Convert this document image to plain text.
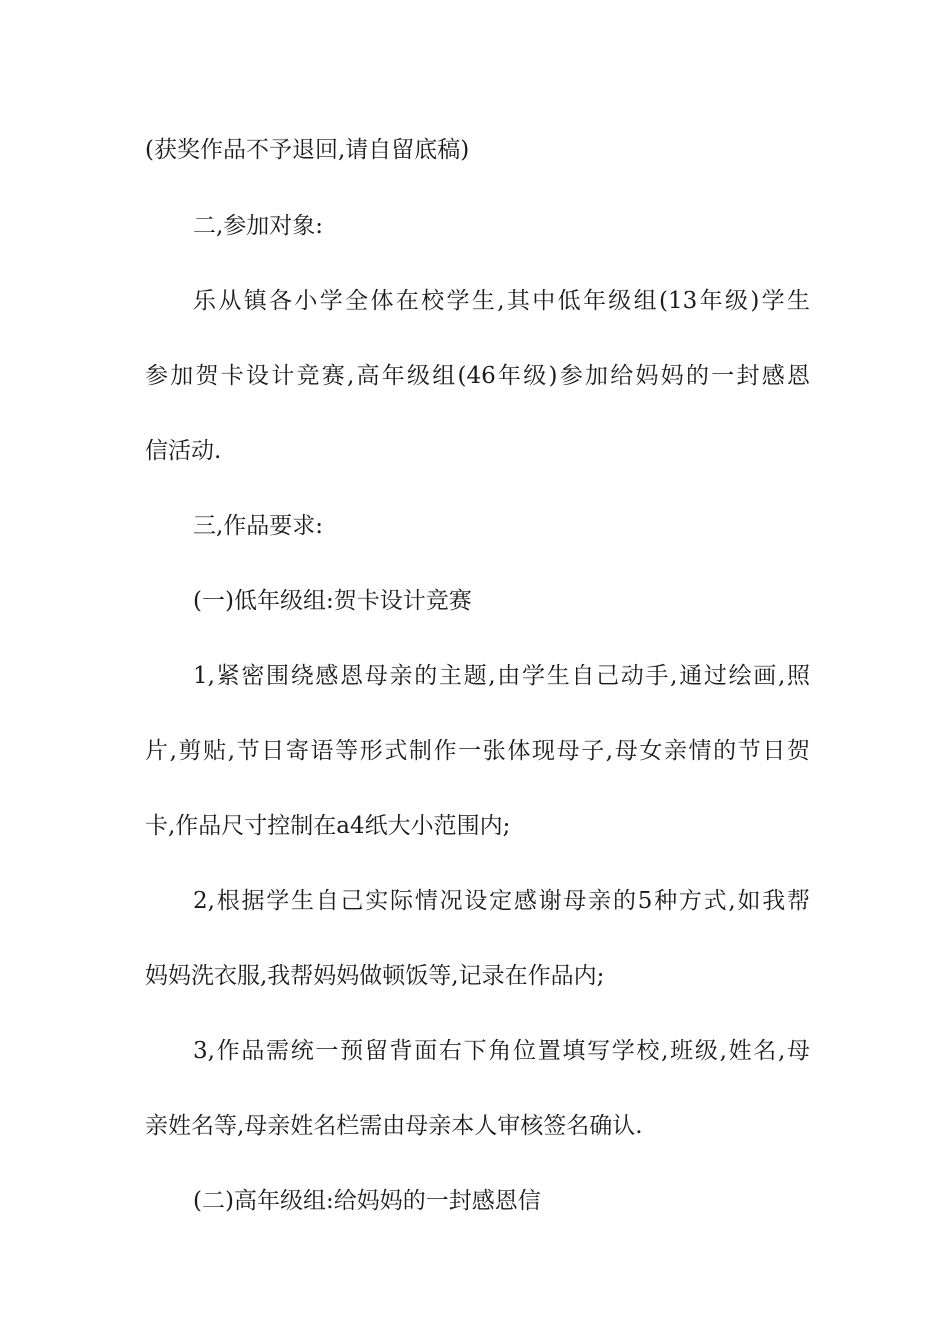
(获奖作品不予退回,请自留底稿)
二,参加对象:
乐从镇各小学全体在校学生,其中低年级组(13年级)学生
参加贺卡设计竞赛,高年级组(46年级)参加给妈妈的一封感恩
信活动.
三,作品要求:
(一)低年级组:贺卡设计竞赛
1,紧密围绕感恩母亲的主题,由学生自己动手,通过绘画,照
片,剪贴,节日寄语等形式制作一张体现母子,母女亲情的节日贺
卡,作品尺寸控制在a4纸大小范围内;
2,根据学生自己实际情况设定感谢母亲的5种方式,如我帮
妈妈洗衣服,我帮妈妈做顿饭等,记录在作品内;
3,作品需统一预留背面右下角位置填写学校,班级,姓名,母
亲姓名等,母亲姓名栏需由母亲本人审核签名确认.
(二)高年级组:给妈妈的一封感恩信
